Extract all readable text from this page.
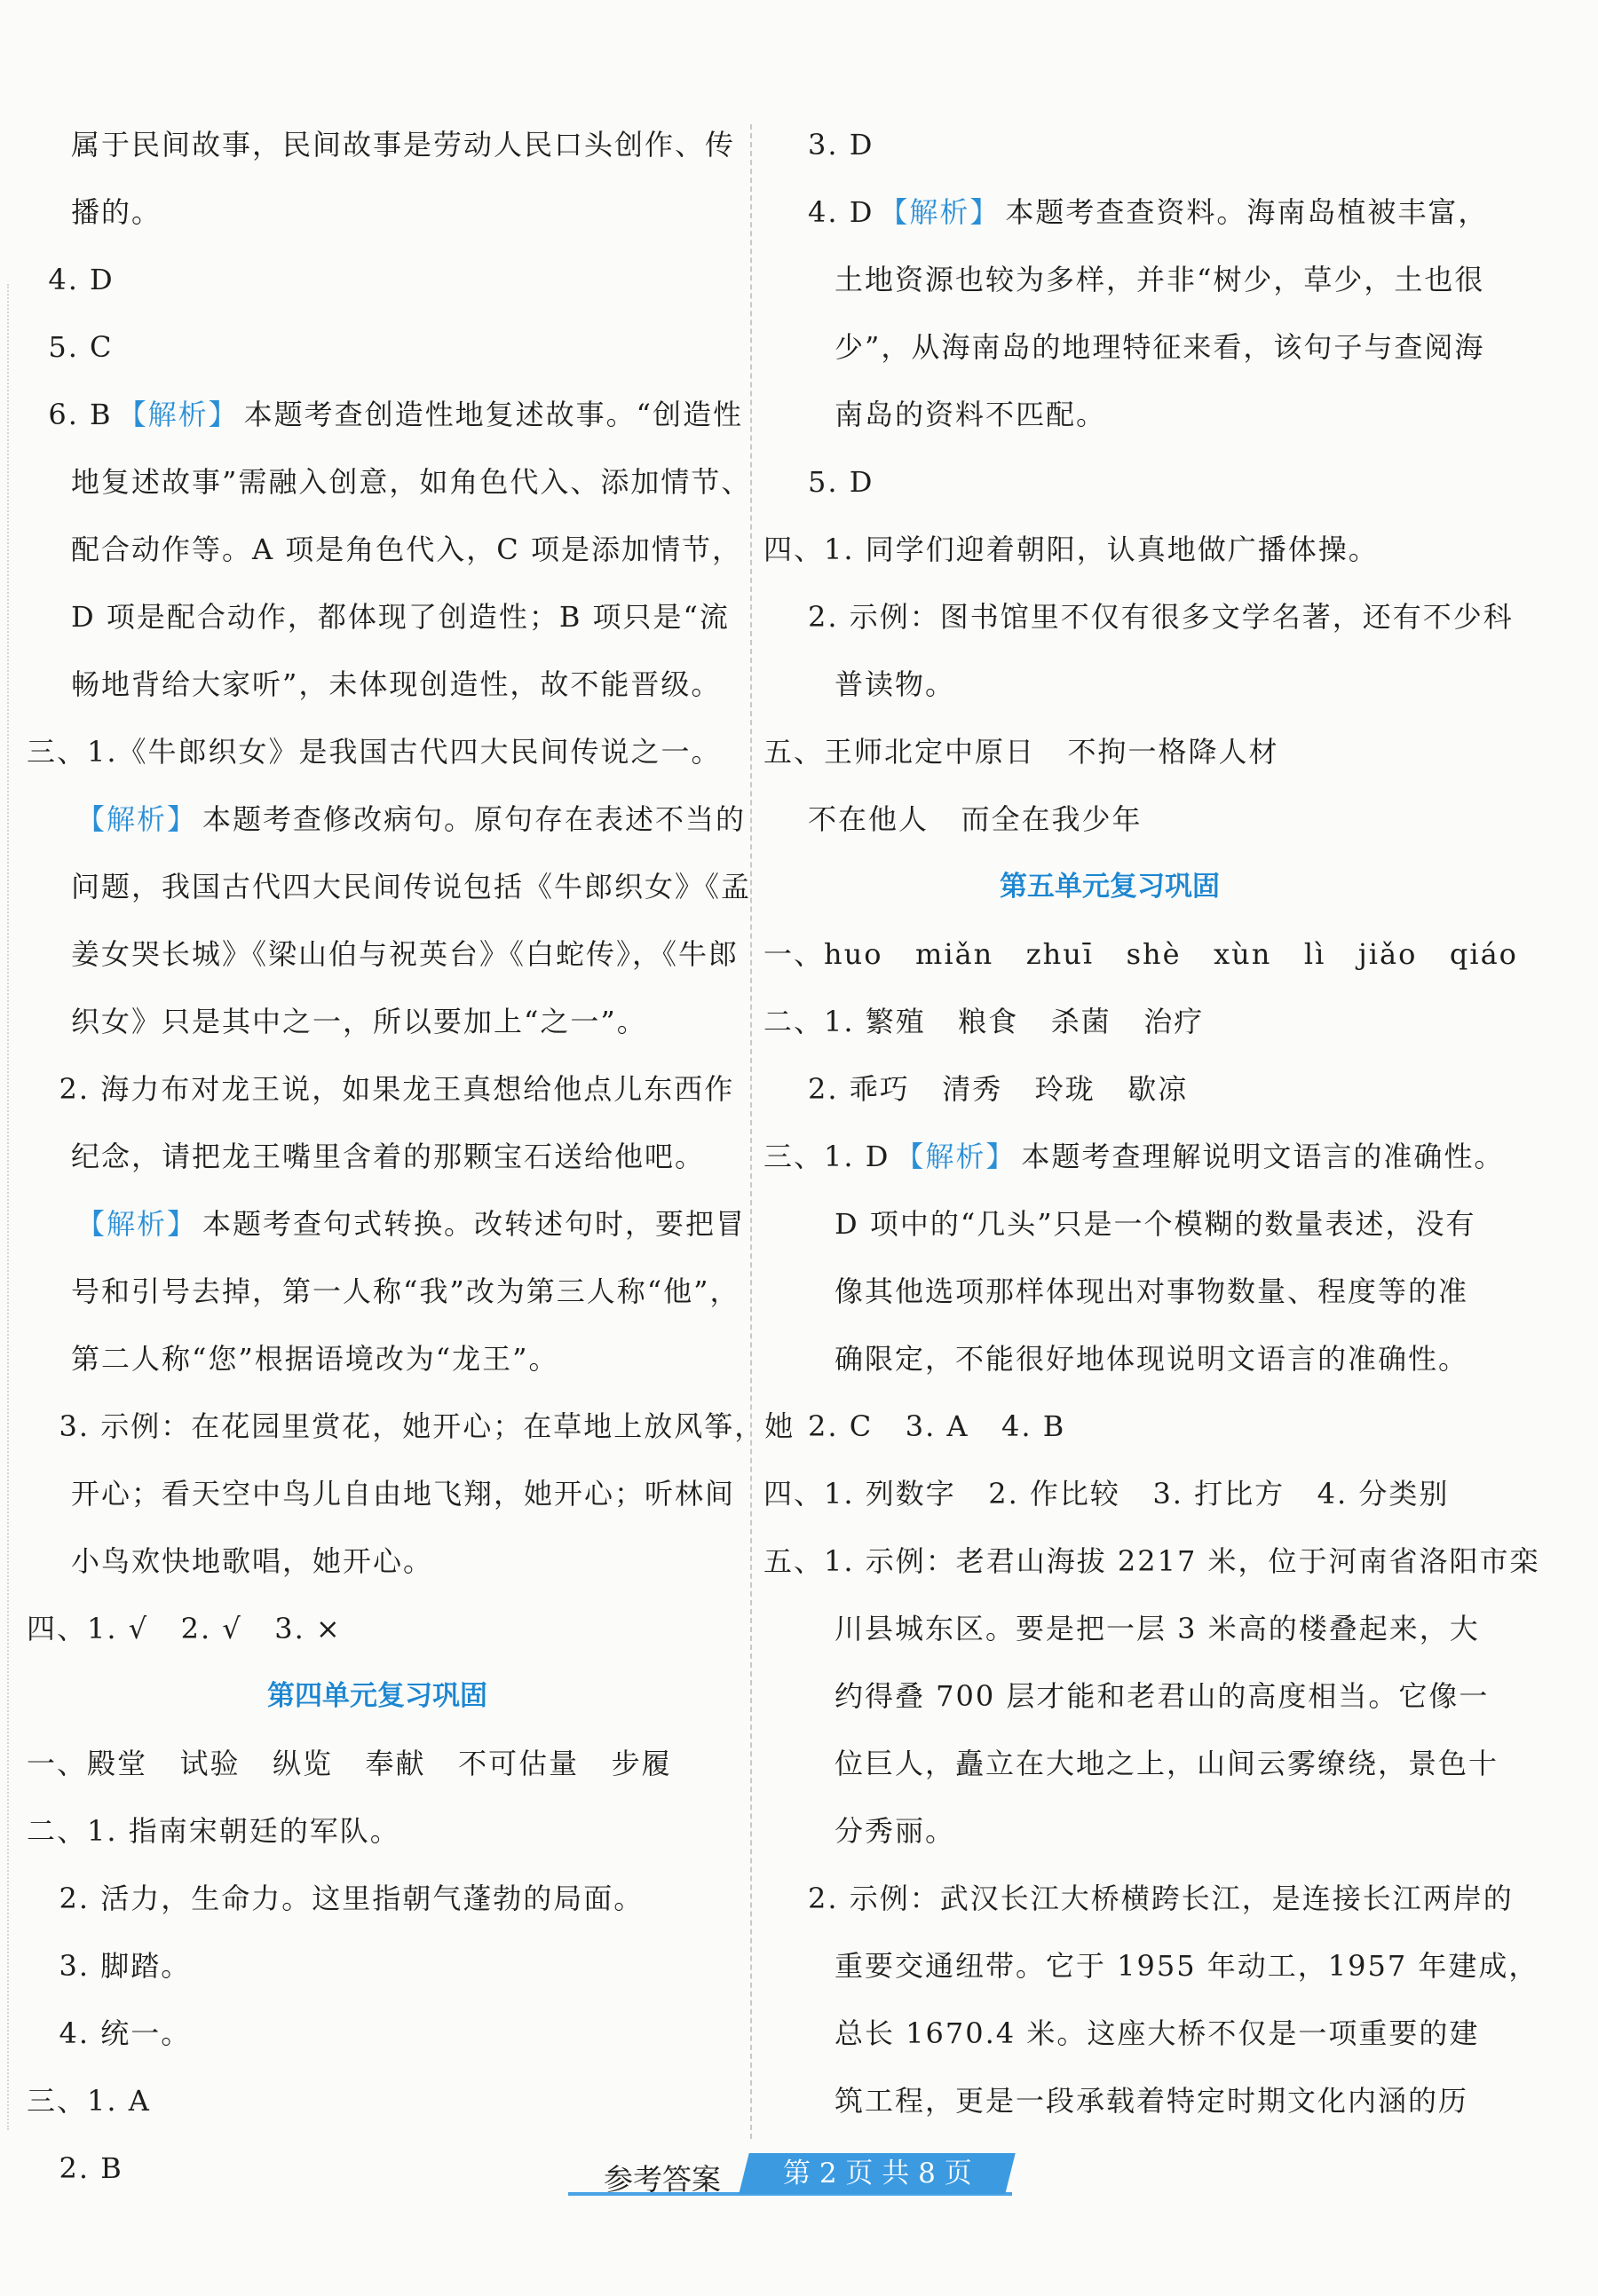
属于民间故事，民间故事是劳动人民口头创作、传
播的。
4. D
5. C
6. B 【解析】 本题考查创造性地复述故事。“创造性
地复述故事”需融入创意，如角色代入、添加情节、
配合动作等。A 项是角色代入，C 项是添加情节，
D 项是配合动作，都体现了创造性；B 项只是“流
畅地背给大家听”，未体现创造性，故不能晋级。
三、1.《牛郎织女》是我国古代四大民间传说之一。
【解析】 本题考查修改病句。原句存在表述不当的
问题，我国古代四大民间传说包括《牛郎织女》《孟
姜女哭长城》《梁山伯与祝英台》《白蛇传》，《牛郎
织女》只是其中之一，所以要加上“之一”。
2. 海力布对龙王说，如果龙王真想给他点儿东西作
纪念，请把龙王嘴里含着的那颗宝石送给他吧。
【解析】 本题考查句式转换。改转述句时，要把冒
号和引号去掉，第一人称“我”改为第三人称“他”，
第二人称“您”根据语境改为“龙王”。
3. 示例：在花园里赏花，她开心；在草地上放风筝，她
开心；看天空中鸟儿自由地飞翔，她开心；听林间
小鸟欢快地歌唱，她开心。
四、1. √   2. √   3. ×
第四单元复习巩固
一、殿堂   试验   纵览   奉献   不可估量   步履
二、1. 指南宋朝廷的军队。
2. 活力，生命力。这里指朝气蓬勃的局面。
3. 脚踏。
4. 统一。
三、1. A
2. B
3. D
4. D 【解析】 本题考查查资料。海南岛植被丰富，
土地资源也较为多样，并非“树少，草少，土也很
少”，从海南岛的地理特征来看，该句子与查阅海
南岛的资料不匹配。
5. D
四、1. 同学们迎着朝阳，认真地做广播体操。
2. 示例：图书馆里不仅有很多文学名著，还有不少科
普读物。
五、王师北定中原日   不拘一格降人材
不在他人   而全在我少年
第五单元复习巩固
一、huo   miǎn   zhuī   shè   xùn   lì   jiǎo   qiáo
二、1. 繁殖   粮食   杀菌   治疗
2. 乖巧   清秀   玲珑   歇凉
三、1. D 【解析】 本题考查理解说明文语言的准确性。
D 项中的“几头”只是一个模糊的数量表述，没有
像其他选项那样体现出对事物数量、程度等的准
确限定，不能很好地体现说明文语言的准确性。
2. C   3. A   4. B
四、1. 列数字   2. 作比较   3. 打比方   4. 分类别
五、1. 示例：老君山海拔 2217 米，位于河南省洛阳市栾
川县城东区。要是把一层 3 米高的楼叠起来，大
约得叠 700 层才能和老君山的高度相当。它像一
位巨人，矗立在大地之上，山间云雾缭绕，景色十
分秀丽。
2. 示例：武汉长江大桥横跨长江，是连接长江两岸的
重要交通纽带。它于 1955 年动工，1957 年建成，
总长 1670.4 米。这座大桥不仅是一项重要的建
筑工程，更是一段承载着特定时期文化内涵的历
参考答案	第 2 页 共 8 页
